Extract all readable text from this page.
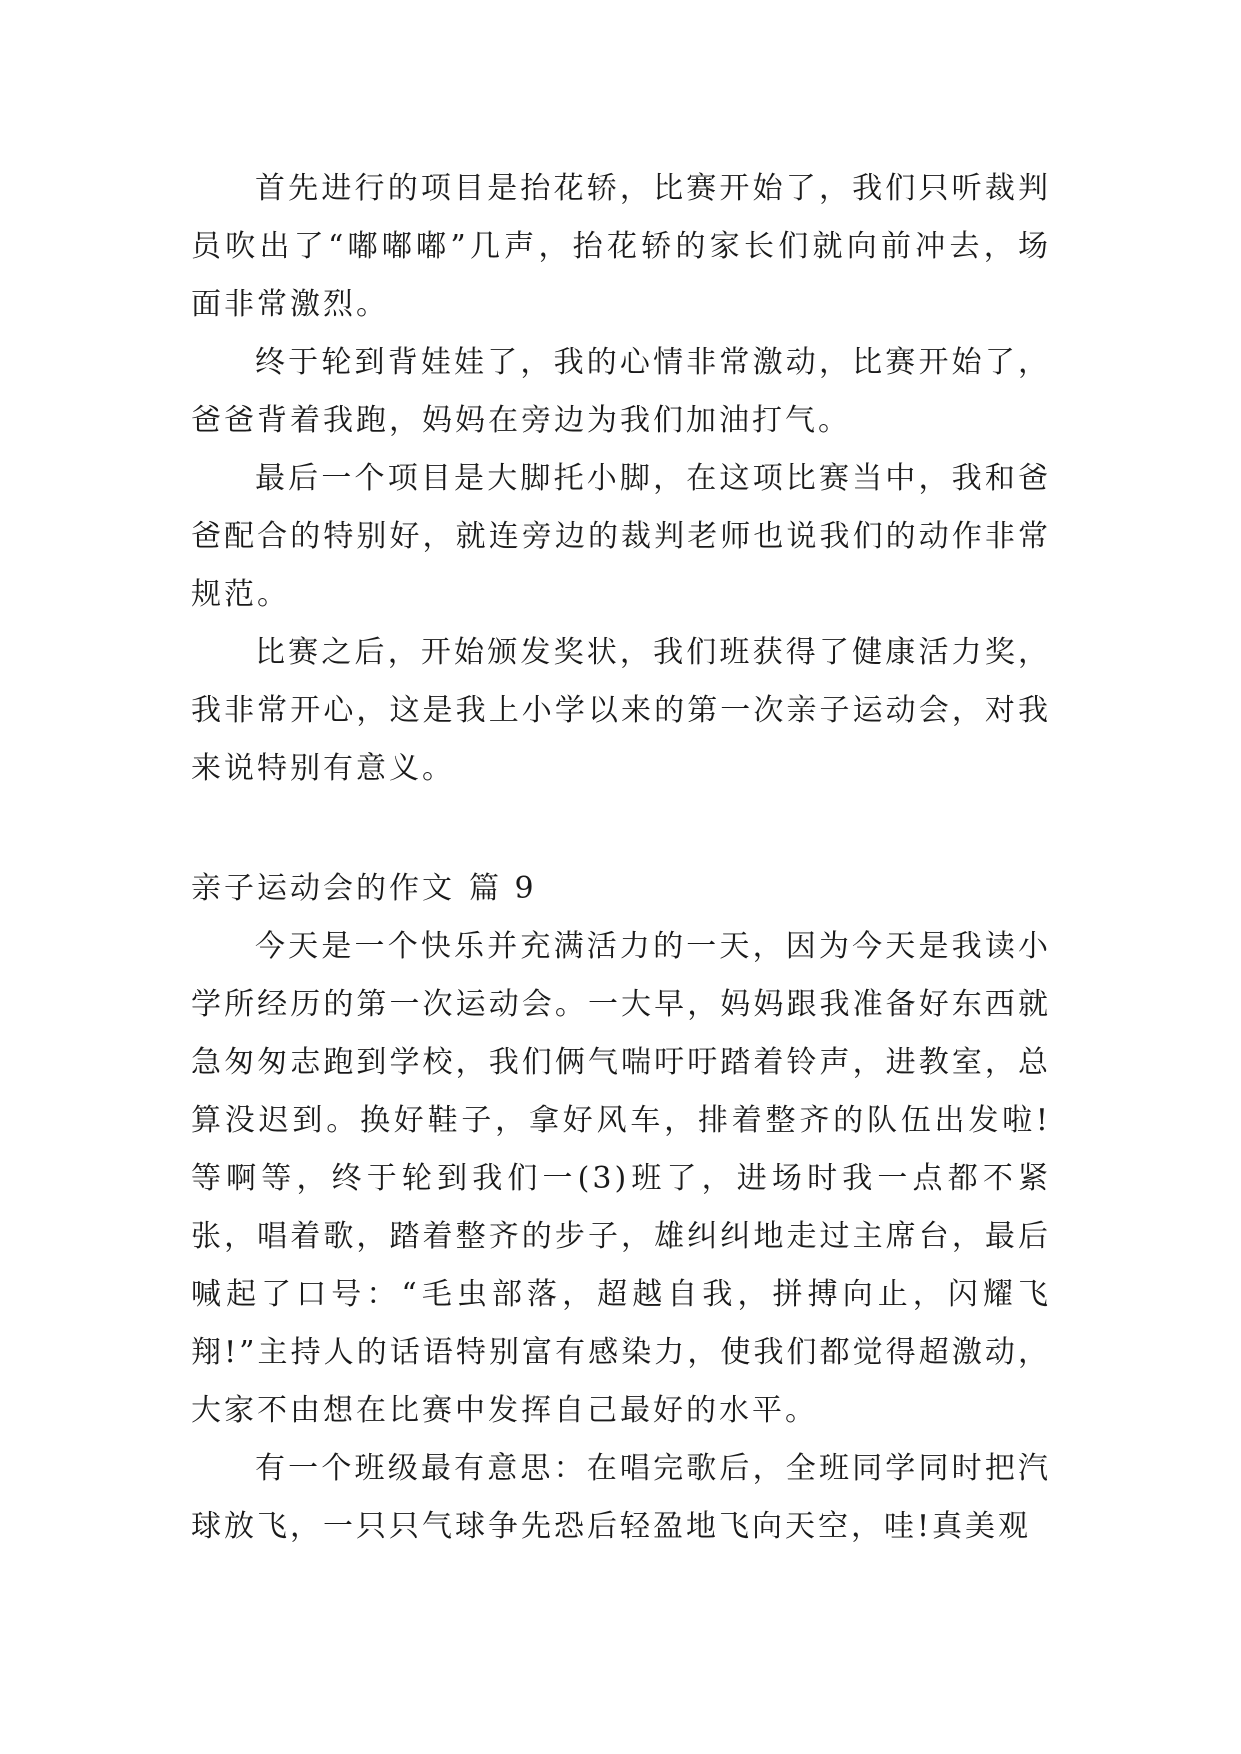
首先进行的项目是抬花轿，比赛开始了，我们只听裁判员吹出了“嘟嘟嘟”几声，抬花轿的家长们就向前冲去，场面非常激烈。

终于轮到背娃娃了，我的心情非常激动，比赛开始了，爸爸背着我跑，妈妈在旁边为我们加油打气。

最后一个项目是大脚托小脚，在这项比赛当中，我和爸爸配合的特别好，就连旁边的裁判老师也说我们的动作非常规范。

比赛之后，开始颁发奖状，我们班获得了健康活力奖，我非常开心，这是我上小学以来的第一次亲子运动会，对我来说特别有意义。

亲子运动会的作文 篇 9

今天是一个快乐并充满活力的一天，因为今天是我读小学所经历的第一次运动会。一大早，妈妈跟我准备好东西就急匆匆志跑到学校，我们俩气喘吁吁踏着铃声，进教室，总算没迟到。换好鞋子，拿好风车，排着整齐的队伍出发啦!等啊等，终于轮到我们一(3)班了，进场时我一点都不紧张，唱着歌，踏着整齐的步子，雄纠纠地走过主席台，最后喊起了口号：“毛虫部落，超越自我，拼搏向止，闪耀飞翔!”主持人的话语特别富有感染力，使我们都觉得超激动，大家不由想在比赛中发挥自己最好的水平。

有一个班级最有意思：在唱完歌后，全班同学同时把汽球放飞，一只只气球争先恐后轻盈地飞向天空，哇!真美观
